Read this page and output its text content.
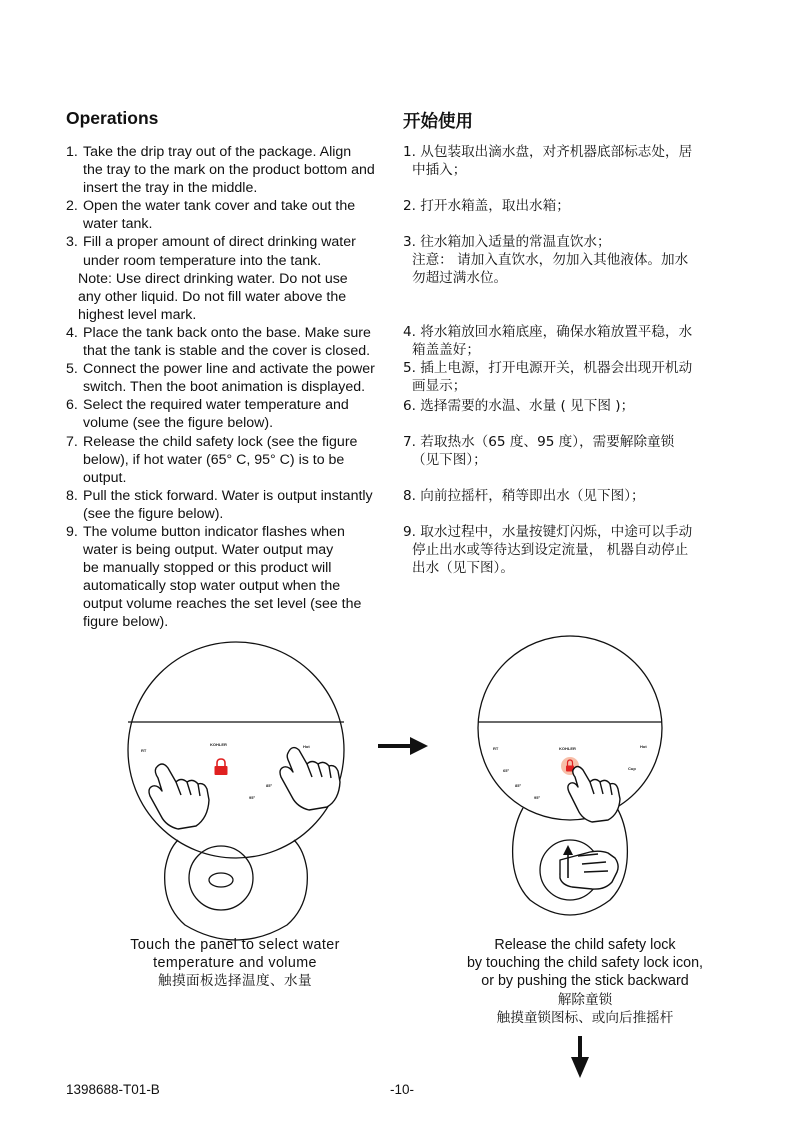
Operations	开始使用
1. Take the drip tray out of the package. Align
the tray to the mark on the product bottom and
insert the tray in the middle.
2. Open the water tank cover and take out the
water tank.
3. Fill a proper amount of direct drinking water
under room temperature into the tank.
Note: Use direct drinking water. Do not use
any other liquid. Do not fill water above the
highest level mark.
4. Place the tank back onto the base. Make sure
that the tank is stable and the cover is closed.
5. Connect the power line and activate the power
switch. Then the boot animation is displayed.
6. Select the required water temperature and
volume (see the figure below).
7. Release the child safety lock (see the figure
below), if hot water (65° C, 95° C) is to be
output.
8. Pull the stick forward. Water is output instantly
(see the figure below).
9. The volume button indicator flashes when
water is being output. Water output may
be manually stopped or this product will
automatically stop water output when the
output volume reaches the set level (see the
figure below).
1. 从包装取出滴水盘，对齐机器底部标志处，居
中插入；
2. 打开水箱盖，取出水箱；
3. 往水箱加入适量的常温直饮水；
注意： 请加入直饮水，勿加入其他液体。加水
勿超过满水位。
4. 将水箱放回水箱底座，确保水箱放置平稳，水
箱盖盖好；
5. 插上电源，打开电源开关，机器会出现开机动
画显示；
6. 选择需要的水温、水量 ( 见下图 )；
7. 若取热水（65 度、95 度），需要解除童锁
（见下图）；
8. 向前拉摇杆，稍等即出水（见下图）；
9. 取水过程中，水量按键灯闪烁，中途可以手动
停止出水或等待达到设定流量， 机器自动停止
出水（见下图）。
KOHLER
RT
85°
95°
Hot	KOHLER
RT
65°
85°
95°
Hot
Cup
Touch the panel to select water
temperature and volume
触摸面板选择温度、水量
Release the child safety lock
by touching the child safety lock icon,
or by pushing the stick backward
解除童锁
触摸童锁图标、或向后推摇杆
1398688-T01-B	-10-
